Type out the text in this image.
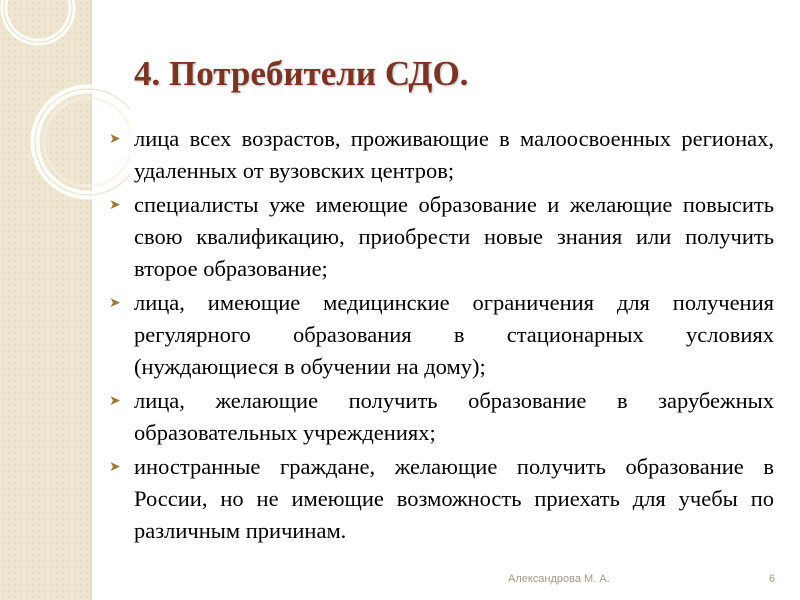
4. Потребители СДО.
➤ лица всех возрастов, проживающие в малоосвоенных регионах, удаленных от вузовских центров;
➤ специалисты уже имеющие образование и желающие повысить свою квалификацию, приобрести новые знания или получить второе образование;
➤ лица, имеющие медицинские ограничения для получения регулярного образования в стационарных условиях (нуждающиеся в обучении на дому);
➤ лица, желающие получить образование в зарубежных образовательных учреждениях;
➤ иностранные граждане, желающие получить образование в России, но не имеющие возможность приехать для учебы по различным причинам.
Александрова М. А.	6
